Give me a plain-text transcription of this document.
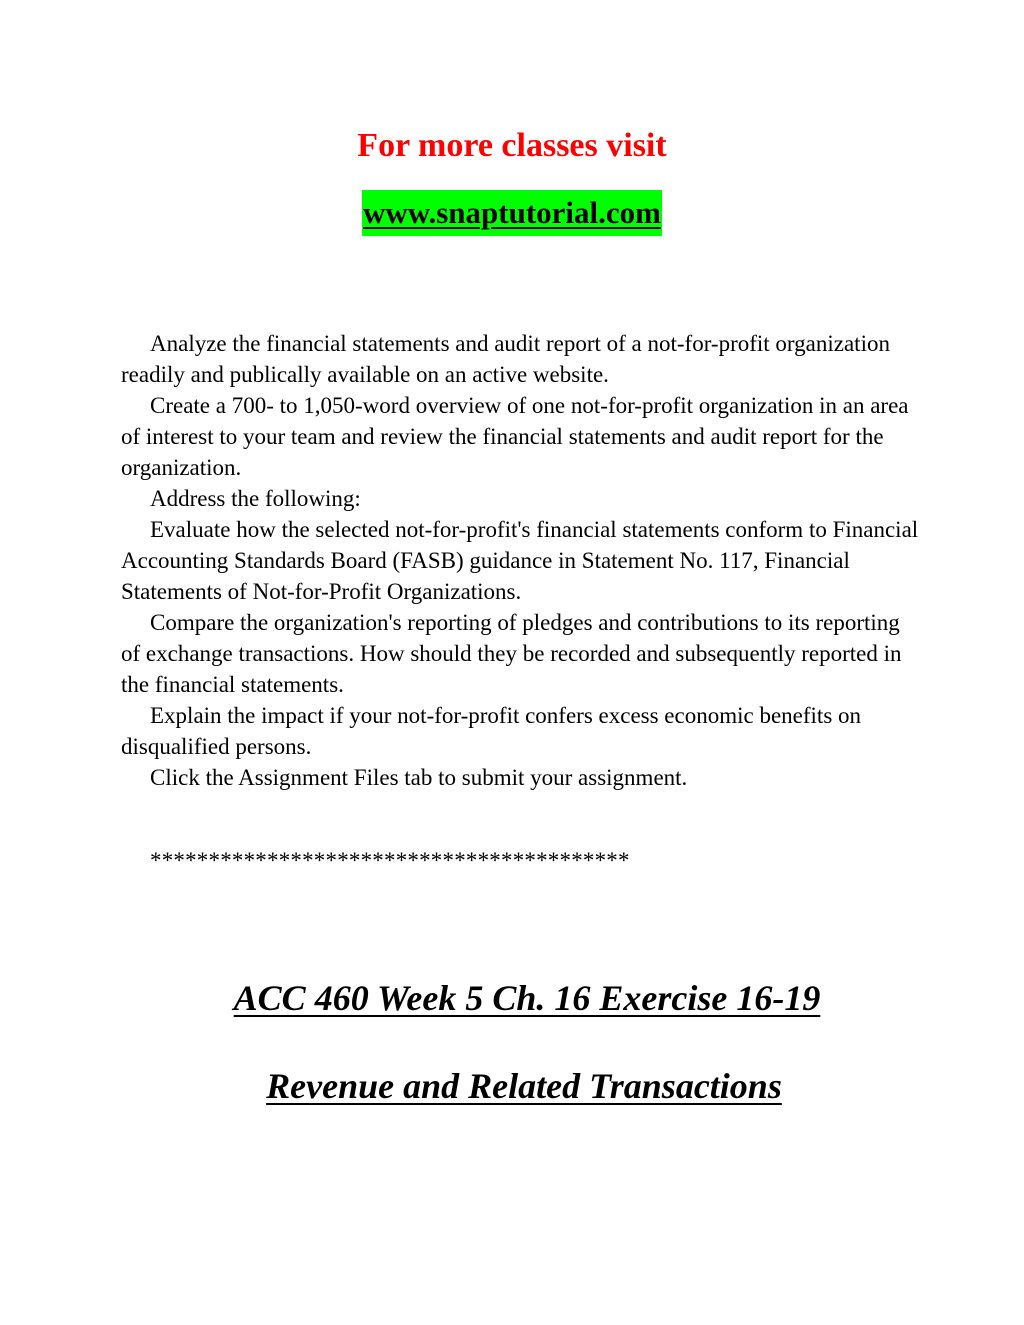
For more classes visit
www.snaptutorial.com

Analyze the financial statements and audit report of a not-for-profit organization readily and publically available on an active website.

Create a 700- to 1,050-word overview of one not-for-profit organization in an area of interest to your team and review the financial statements and audit report for the organization.

Address the following:

Evaluate how the selected not-for-profit's financial statements conform to Financial Accounting Standards Board (FASB) guidance in Statement No. 117, Financial Statements of Not-for-Profit Organizations.

Compare the organization's reporting of pledges and contributions to its reporting of exchange transactions. How should they be recorded and subsequently reported in the financial statements.

Explain the impact if your not-for-profit confers excess economic benefits on disqualified persons.

Click the Assignment Files tab to submit your assignment.

*****************************************
ACC 460 Week 5 Ch. 16 Exercise 16-19
Revenue and Related Transactions
